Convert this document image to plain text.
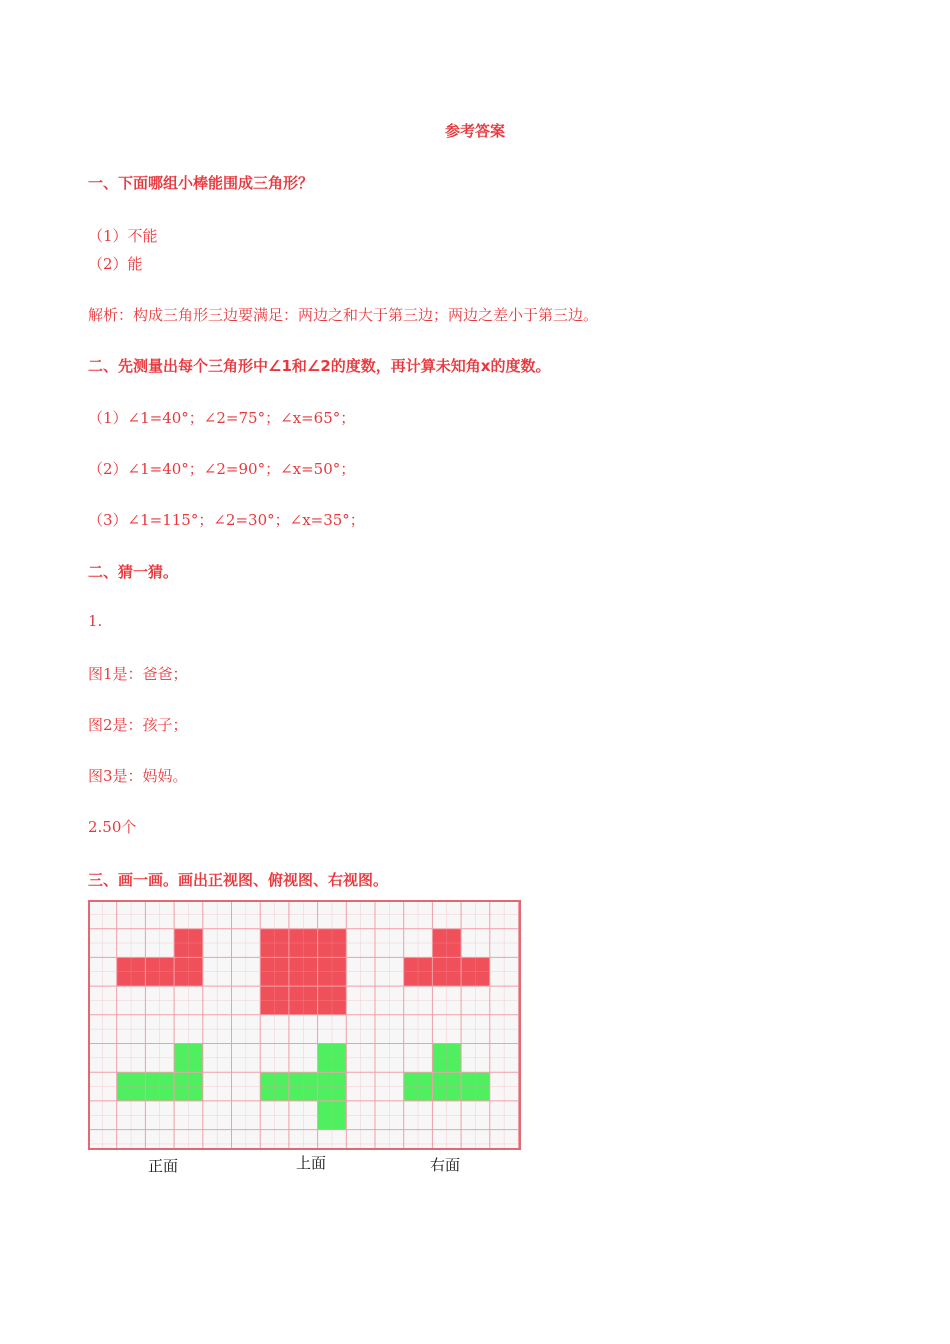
参考答案
一、下面哪组小棒能围成三角形？
（1）不能
（2）能
解析：构成三角形三边要满足：两边之和大于第三边；两边之差小于第三边。
二、先测量出每个三角形中∠1和∠2的度数，再计算未知角x的度数。
（1）∠1=40°；∠2=75°；∠x=65°；
（2）∠1=40°；∠2=90°；∠x=50°；
（3）∠1=115°；∠2=30°；∠x=35°；
二、猜一猜。
1.
图1是：爸爸；
图2是：孩子；
图3是：妈妈。
2.50个
三、画一画。画出正视图、俯视图、右视图。
正面	上面	右面
